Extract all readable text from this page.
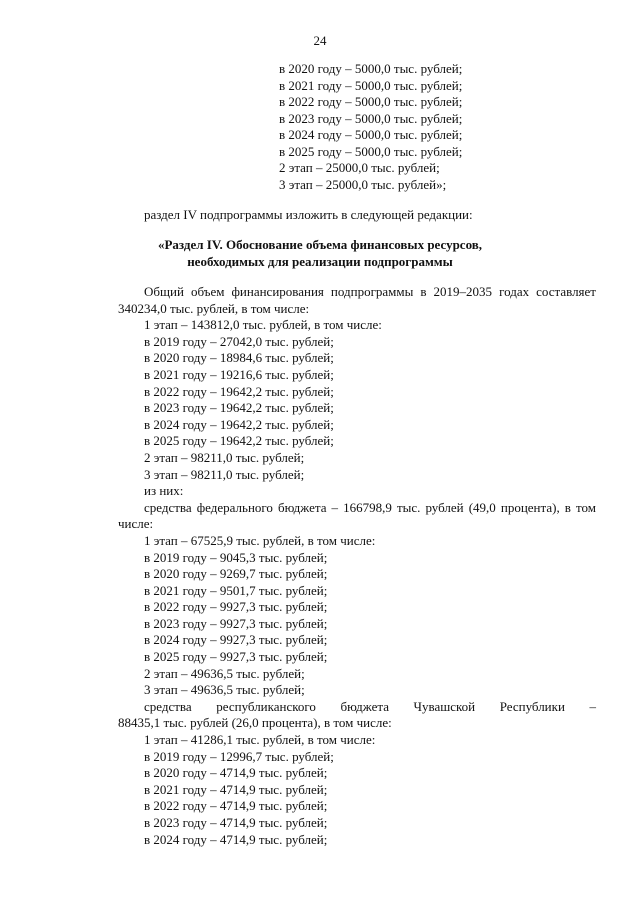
24
в 2020 году – 5000,0 тыс. рублей;
в 2021 году – 5000,0 тыс. рублей;
в 2022 году – 5000,0 тыс. рублей;
в 2023 году – 5000,0 тыс. рублей;
в 2024 году – 5000,0 тыс. рублей;
в 2025 году – 5000,0 тыс. рублей;
2 этап – 25000,0 тыс. рублей;
3 этап – 25000,0 тыс. рублей»;
раздел IV подпрограммы изложить в следующей редакции:
«Раздел IV. Обоснование объема финансовых ресурсов,
необходимых для реализации подпрограммы
Общий объем финансирования подпрограммы в 2019–2035 годах составляет 340234,0 тыс. рублей, в том числе:
1 этап – 143812,0 тыс. рублей, в том числе:
в 2019 году – 27042,0 тыс. рублей;
в 2020 году – 18984,6 тыс. рублей;
в 2021 году – 19216,6 тыс. рублей;
в 2022 году – 19642,2 тыс. рублей;
в 2023 году – 19642,2 тыс. рублей;
в 2024 году – 19642,2 тыс. рублей;
в 2025 году – 19642,2 тыс. рублей;
2 этап – 98211,0 тыс. рублей;
3 этап – 98211,0 тыс. рублей;
из них:
средства федерального бюджета – 166798,9 тыс. рублей (49,0 процента), в том числе:
1 этап – 67525,9 тыс. рублей, в том числе:
в 2019 году – 9045,3 тыс. рублей;
в 2020 году – 9269,7 тыс. рублей;
в 2021 году – 9501,7 тыс. рублей;
в 2022 году – 9927,3 тыс. рублей;
в 2023 году – 9927,3 тыс. рублей;
в 2024 году – 9927,3 тыс. рублей;
в 2025 году – 9927,3 тыс. рублей;
2 этап – 49636,5 тыс. рублей;
3 этап – 49636,5 тыс. рублей;
средства республиканского бюджета Чувашской Республики –
88435,1 тыс. рублей (26,0 процента), в том числе:
1 этап – 41286,1 тыс. рублей, в том числе:
в 2019 году – 12996,7 тыс. рублей;
в 2020 году – 4714,9 тыс. рублей;
в 2021 году – 4714,9 тыс. рублей;
в 2022 году – 4714,9 тыс. рублей;
в 2023 году – 4714,9 тыс. рублей;
в 2024 году – 4714,9 тыс. рублей;
